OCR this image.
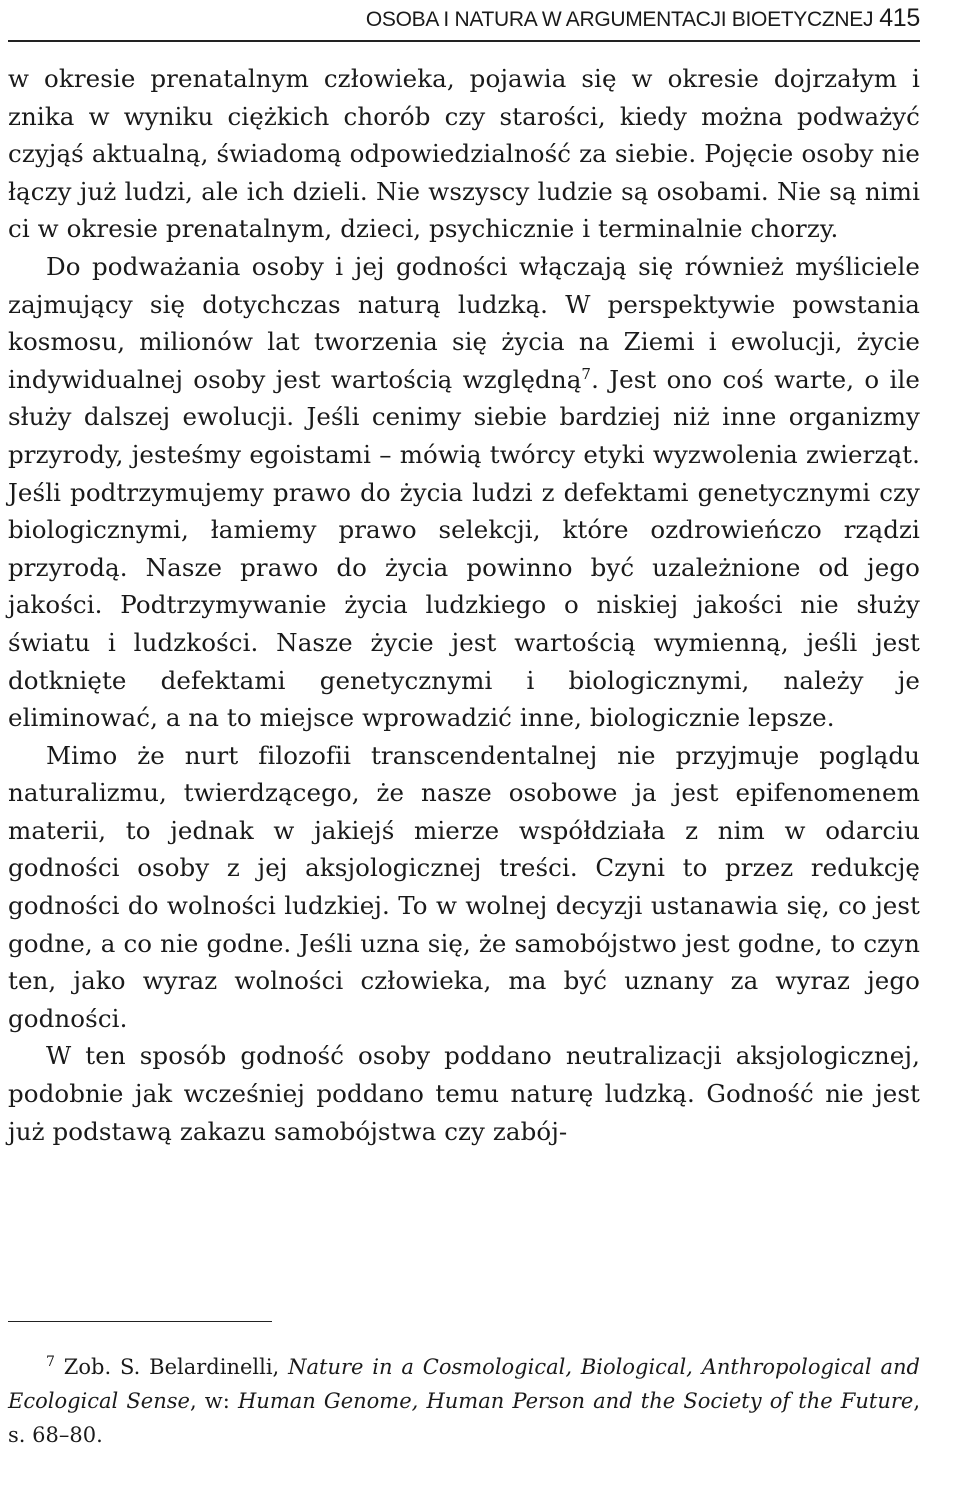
OSOBA I NATURA W ARGUMENTACJI BIOETYCZNEJ 415

w okresie prenatalnym człowieka, pojawia się w okresie dojrzałym i znika w wyniku ciężkich chorób czy starości, kiedy można podważyć czyjąś aktualną, świadomą odpowiedzialność za siebie. Pojęcie osoby nie łączy już ludzi, ale ich dzieli. Nie wszyscy ludzie są osobami. Nie są nimi ci w okresie prenatalnym, dzieci, psychicznie i terminalnie chorzy.

Do podważania osoby i jej godności włączają się również myśliciele zajmujący się dotychczas naturą ludzką. W perspektywie powstania kosmosu, milionów lat tworzenia się życia na Ziemi i ewolucji, życie indywidualnej osoby jest wartością względną$^7$. Jest ono coś warte, o ile służy dalszej ewolucji. Jeśli cenimy siebie bardziej niż inne organizmy przyrody, jesteśmy egoistami – mówią twórcy etyki wyzwolenia zwierząt. Jeśli podtrzymujemy prawo do życia ludzi z defektami genetycznymi czy biologicznymi, łamiemy prawo selekcji, które ozdrowieńczo rządzi przyrodą. Nasze prawo do życia powinno być uzależnione od jego jakości. Podtrzymywanie życia ludzkiego o niskiej jakości nie służy światu i ludzkości. Nasze życie jest wartością wymienną, jeśli jest dotknięte defektami genetycznymi i biologicznymi, należy je eliminować, a na to miejsce wprowadzić inne, biologicznie lepsze.

Mimo że nurt filozofii transcendentalnej nie przyjmuje poglądu naturalizmu, twierdzącego, że nasze osobowe ja jest epifenomenem materii, to jednak w jakiejś mierze współdziała z nim w odarciu godności osoby z jej aksjologicznej treści. Czyni to przez redukcję godności do wolności ludzkiej. To w wolnej decyzji ustanawia się, co jest godne, a co nie godne. Jeśli uzna się, że samobójstwo jest godne, to czyn ten, jako wyraz wolności człowieka, ma być uznany za wyraz jego godności.

W ten sposób godność osoby poddano neutralizacji aksjologicznej, podobnie jak wcześniej poddano temu naturę ludzką. Godność nie jest już podstawą zakazu samobójstwa czy zabój-

$^7$ Zob. S. Belardinelli, Nature in a Cosmological, Biological, Anthropological and Ecological Sense, w: Human Genome, Human Person and the Society of the Future, s. 68–80.
